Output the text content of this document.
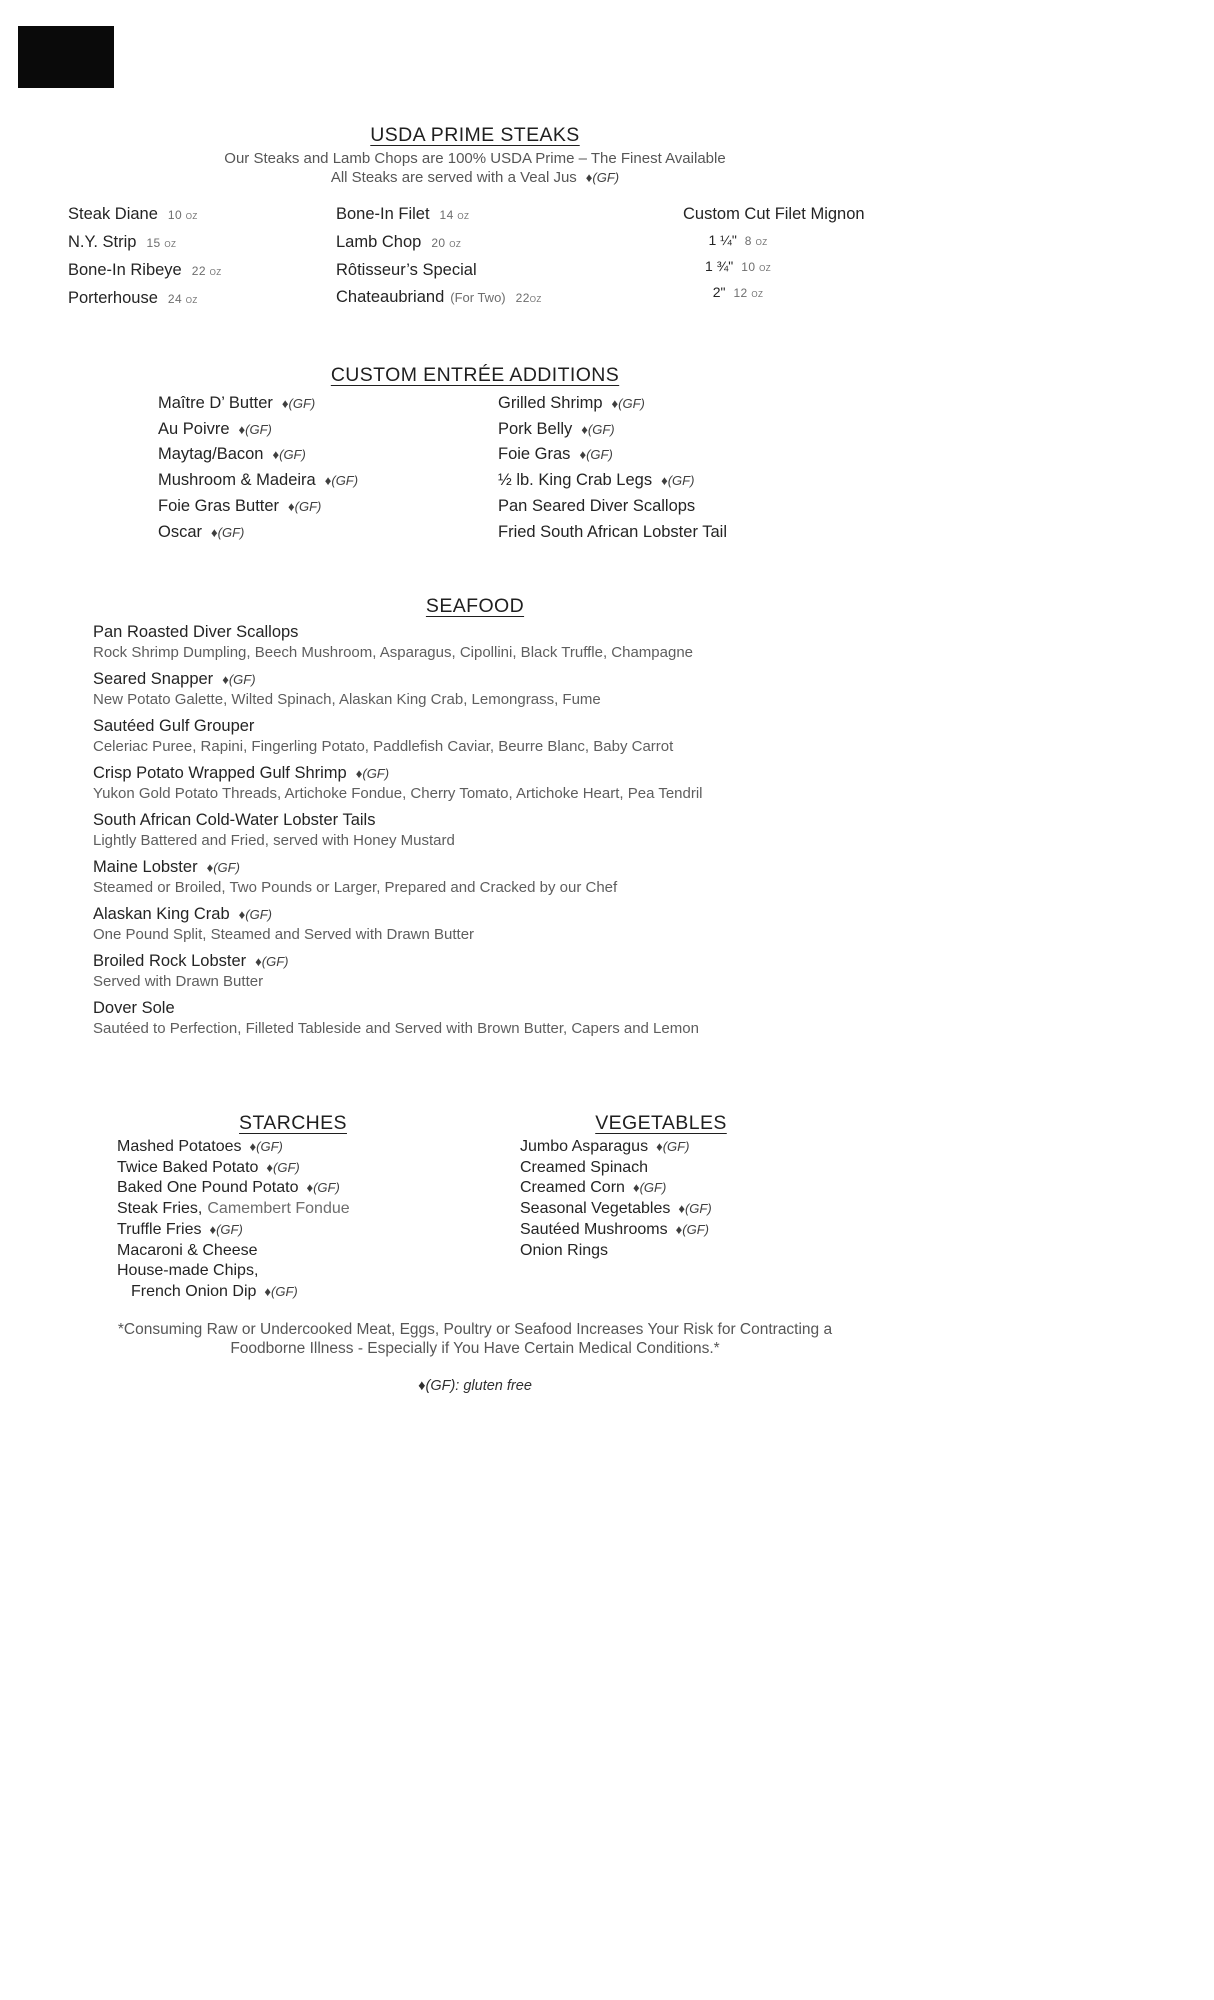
USDA PRIME STEAKS

Our Steaks and Lamb Chops are 100% USDA Prime – The Finest Available

All Steaks are served with a Veal Jus ♦(GF)

Steak Diane 10 oz
N.Y. Strip 15 oz
Bone-In Ribeye 22 oz
Porterhouse 24 oz
Bone-In Filet 14 oz
Lamb Chop 20 oz
Rôtisseur’s Special
Chateaubriand (For Two) 22oz
Custom Cut Filet Mignon
1 ¼" 8 oz
1 ¾" 10 oz
2" 12 oz
CUSTOM ENTRÉE ADDITIONS
Maître D’ Butter ♦(GF)
Au Poivre ♦(GF)
Maytag/Bacon ♦(GF)
Mushroom & Madeira ♦(GF)
Foie Gras Butter ♦(GF)
Oscar ♦(GF)
Grilled Shrimp ♦(GF)
Pork Belly ♦(GF)
Foie Gras ♦(GF)
½ lb. King Crab Legs ♦(GF)
Pan Seared Diver Scallops
Fried South African Lobster Tail
SEAFOOD
Pan Roasted Diver Scallops
Rock Shrimp Dumpling, Beech Mushroom, Asparagus, Cipollini, Black Truffle, Champagne
Seared Snapper ♦(GF)
New Potato Galette, Wilted Spinach, Alaskan King Crab, Lemongrass, Fume
Sautéed Gulf Grouper
Celeriac Puree, Rapini, Fingerling Potato, Paddlefish Caviar, Beurre Blanc, Baby Carrot
Crisp Potato Wrapped Gulf Shrimp ♦(GF)
Yukon Gold Potato Threads, Artichoke Fondue, Cherry Tomato, Artichoke Heart, Pea Tendril
South African Cold-Water Lobster Tails
Lightly Battered and Fried, served with Honey Mustard
Maine Lobster ♦(GF)
Steamed or Broiled, Two Pounds or Larger, Prepared and Cracked by our Chef
Alaskan King Crab ♦(GF)
One Pound Split, Steamed and Served with Drawn Butter
Broiled Rock Lobster ♦(GF)
Served with Drawn Butter
Dover Sole
Sautéed to Perfection, Filleted Tableside and Served with Brown Butter, Capers and Lemon
STARCHES
Mashed Potatoes ♦(GF)
Twice Baked Potato ♦(GF)
Baked One Pound Potato ♦(GF)
Steak Fries, Camembert Fondue
Truffle Fries ♦(GF)
Macaroni & Cheese
House-made Chips,
French Onion Dip ♦(GF)
VEGETABLES
Jumbo Asparagus ♦(GF)
Creamed Spinach
Creamed Corn ♦(GF)
Seasonal Vegetables ♦(GF)
Sautéed Mushrooms ♦(GF)
Onion Rings
*Consuming Raw or Undercooked Meat, Eggs, Poultry or Seafood Increases Your Risk for Contracting a
Foodborne Illness - Especially if You Have Certain Medical Conditions.*
♦(GF): gluten free
